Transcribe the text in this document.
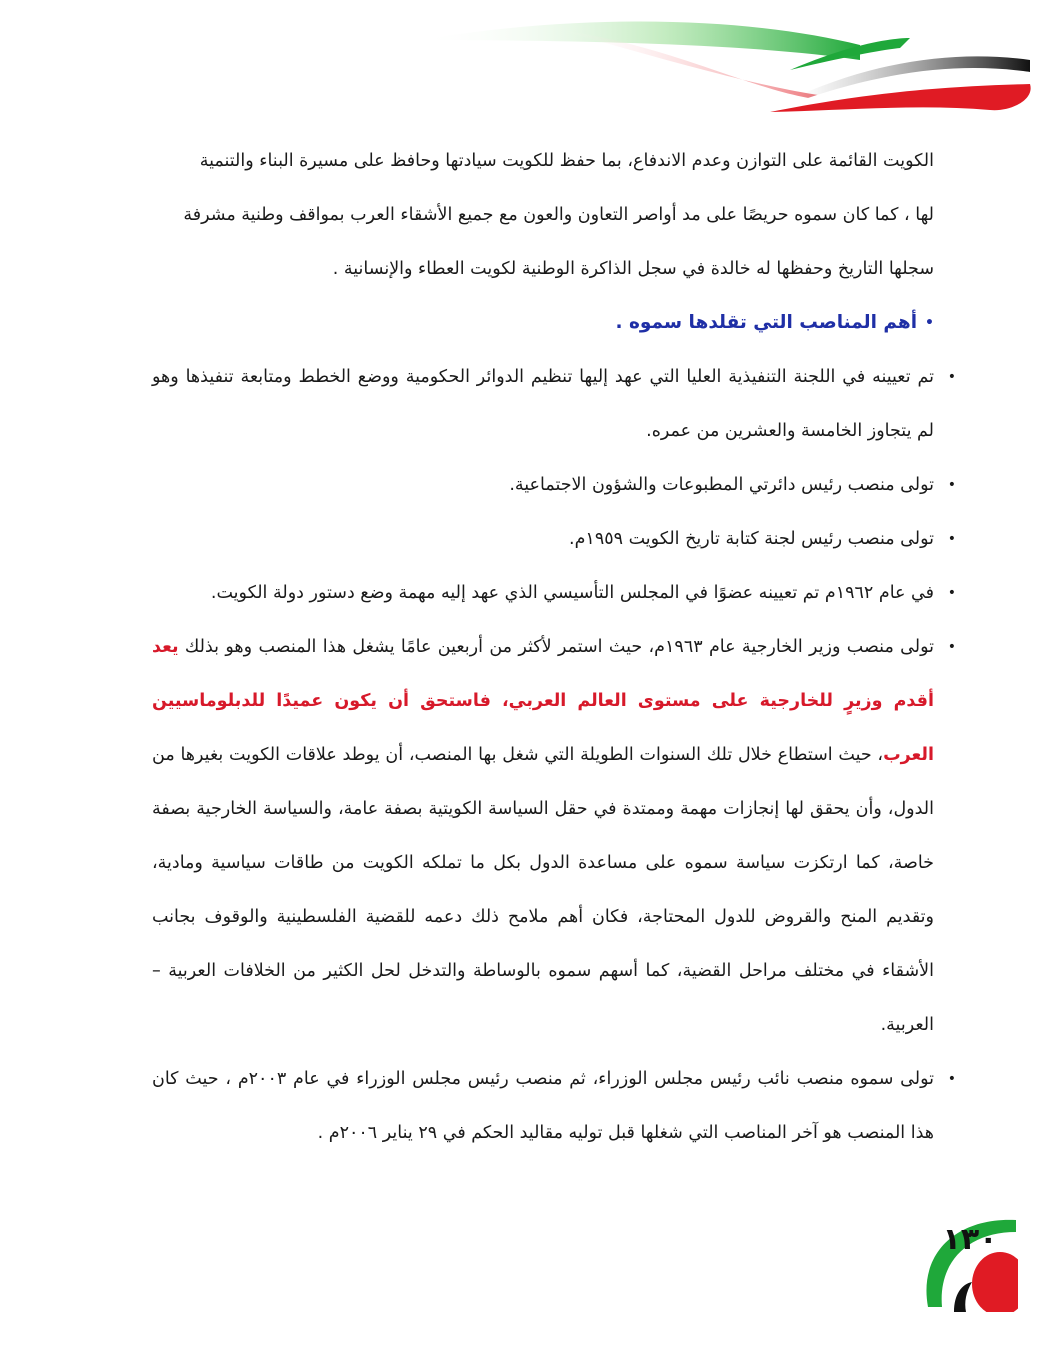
الكويت القائمة على التوازن وعدم الاندفاع، بما حفظ للكويت سيادتها وحافظ على مسيرة البناء والتنمية

لها ، كما كان سموه حريصًا على مد أواصر التعاون والعون مع جميع الأشقاء العرب بمواقف وطنية مشرفة

سجلها التاريخ وحفظها له خالدة في سجل الذاكرة الوطنية لكويت العطاء والإنسانية .

•
أهم المناصب التي تقلدها سموه .
•
تم تعيينه في اللجنة التنفيذية العليا التي عهد إليها تنظيم الدوائر الحكومية ووضع الخطط ومتابعة تنفيذها وهو لم يتجاوز الخامسة والعشرين من عمره.
•
تولى منصب رئيس دائرتي المطبوعات والشؤون الاجتماعية.
•
تولى منصب رئيس لجنة كتابة تاريخ الكويت ١٩٥٩م.
•
في عام ١٩٦٢م تم تعيينه عضوًا في المجلس التأسيسي الذي عهد إليه مهمة وضع دستور دولة الكويت.
•
تولى منصب وزير الخارجية عام ١٩٦٣م، حيث استمر لأكثر من أربعين عامًا يشغل هذا المنصب وهو بذلك يعد أقدم وزيرٍ للخارجية على مستوى العالم العربي، فاستحق أن يكون عميدًا للدبلوماسيين العرب، حيث استطاع خلال تلك السنوات الطويلة التي شغل بها المنصب، أن يوطد علاقات الكويت بغيرها من الدول، وأن يحقق لها إنجازات مهمة وممتدة في حقل السياسة الكويتية بصفة عامة، والسياسة الخارجية بصفة خاصة، كما ارتكزت سياسة سموه على مساعدة الدول بكل ما تملكه الكويت من طاقات سياسية ومادية، وتقديم المنح والقروض للدول المحتاجة، فكان أهم ملامح ذلك دعمه للقضية الفلسطينية والوقوف بجانب الأشقاء في مختلف مراحل القضية، كما أسهم سموه بالوساطة والتدخل لحل الكثير من الخلافات العربية – العربية.
•
تولى سموه منصب نائب رئيس مجلس الوزراء، ثم منصب رئيس مجلس الوزراء في عام ٢٠٠٣م ، حيث كان هذا المنصب هو آخر المناصب التي شغلها قبل توليه مقاليد الحكم في ٢٩ يناير ٢٠٠٦م .
١٣٠
